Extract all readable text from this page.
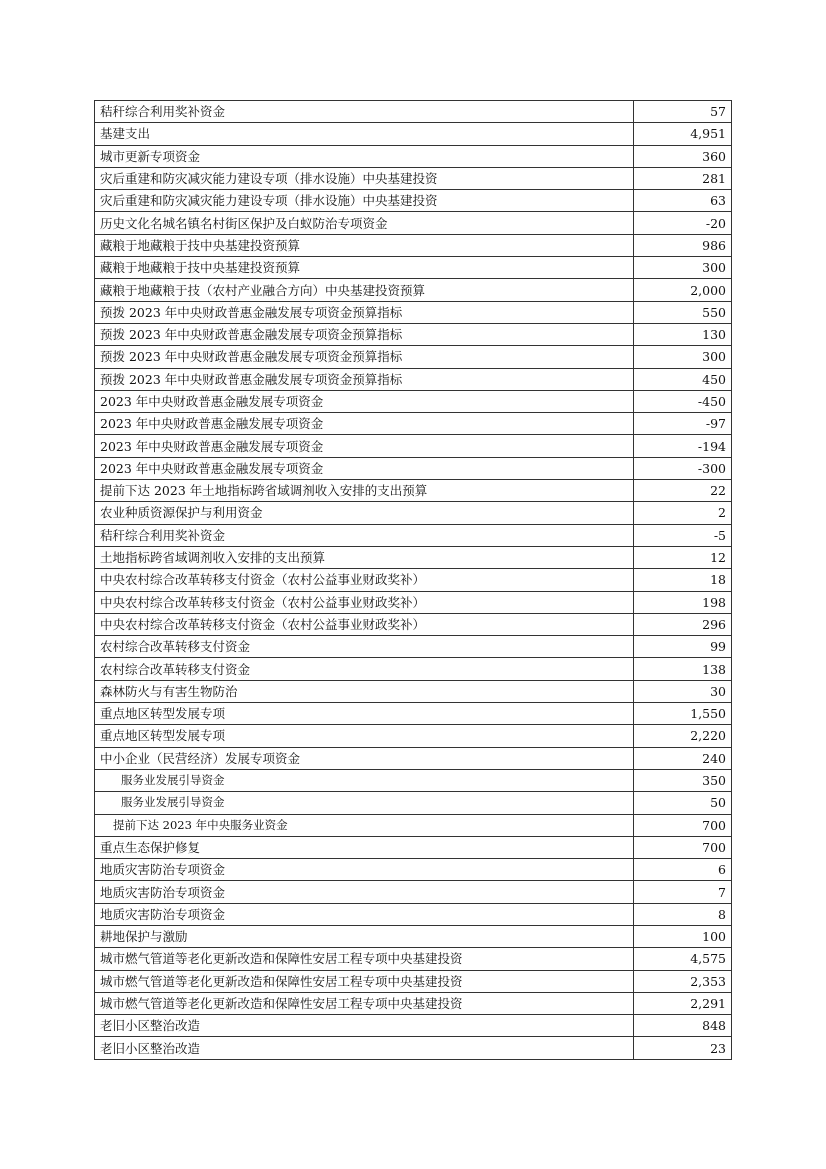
秸秆综合利用奖补资金	57
基建支出	4,951
城市更新专项资金	360
灾后重建和防灾减灾能力建设专项（排水设施）中央基建投资	281
灾后重建和防灾减灾能力建设专项（排水设施）中央基建投资	63
历史文化名城名镇名村街区保护及白蚁防治专项资金	-20
藏粮于地藏粮于技中央基建投资预算	986
藏粮于地藏粮于技中央基建投资预算	300
藏粮于地藏粮于技（农村产业融合方向）中央基建投资预算	2,000
预拨 2023 年中央财政普惠金融发展专项资金预算指标	550
预拨 2023 年中央财政普惠金融发展专项资金预算指标	130
预拨 2023 年中央财政普惠金融发展专项资金预算指标	300
预拨 2023 年中央财政普惠金融发展专项资金预算指标	450
2023 年中央财政普惠金融发展专项资金	-450
2023 年中央财政普惠金融发展专项资金	-97
2023 年中央财政普惠金融发展专项资金	-194
2023 年中央财政普惠金融发展专项资金	-300
提前下达 2023 年土地指标跨省域调剂收入安排的支出预算	22
农业种质资源保护与利用资金	2
秸秆综合利用奖补资金	-5
土地指标跨省域调剂收入安排的支出预算	12
中央农村综合改革转移支付资金（农村公益事业财政奖补）	18
中央农村综合改革转移支付资金（农村公益事业财政奖补）	198
中央农村综合改革转移支付资金（农村公益事业财政奖补）	296
农村综合改革转移支付资金	99
农村综合改革转移支付资金	138
森林防火与有害生物防治	30
重点地区转型发展专项	1,550
重点地区转型发展专项	2,220
中小企业（民营经济）发展专项资金	240
服务业发展引导资金	350
服务业发展引导资金	50
提前下达 2023 年中央服务业资金	700
重点生态保护修复	700
地质灾害防治专项资金	6
地质灾害防治专项资金	7
地质灾害防治专项资金	8
耕地保护与激励	100
城市燃气管道等老化更新改造和保障性安居工程专项中央基建投资	4,575
城市燃气管道等老化更新改造和保障性安居工程专项中央基建投资	2,353
城市燃气管道等老化更新改造和保障性安居工程专项中央基建投资	2,291
老旧小区整治改造	848
老旧小区整治改造	23
